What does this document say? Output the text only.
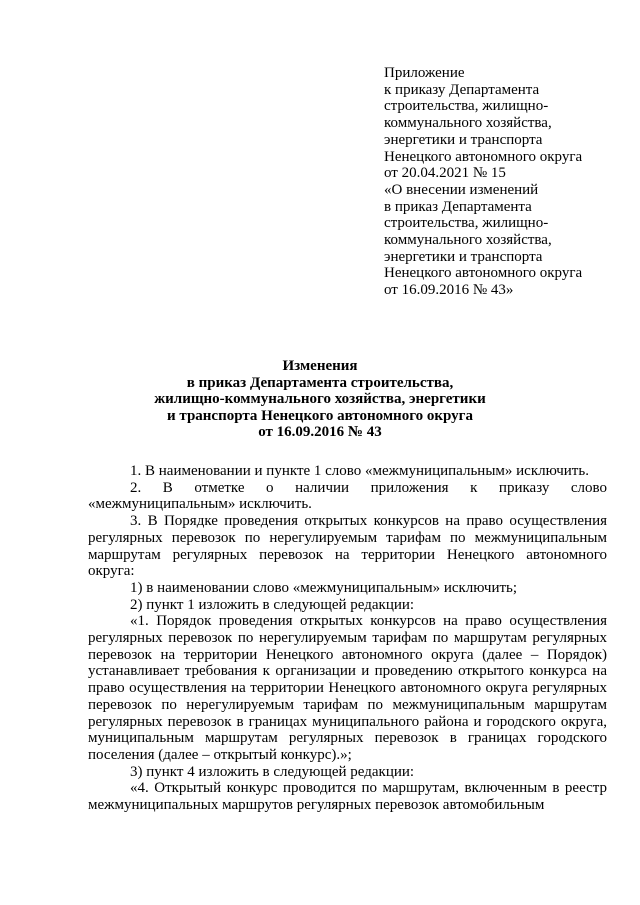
Приложение
к приказу Департамента
строительства, жилищно-
коммунального хозяйства,
энергетики и транспорта
Ненецкого автономного округа
от 20.04.2021 № 15
«О внесении изменений
в приказ Департамента
строительства, жилищно-
коммунального хозяйства,
энергетики и транспорта
Ненецкого автономного округа
от 16.09.2016 № 43»
Изменения
в приказ Департамента строительства,
жилищно-коммунального хозяйства, энергетики
и транспорта Ненецкого автономного округа
от 16.09.2016 № 43

1. В наименовании и пункте 1 слово «межмуниципальным» исключить.

2. В отметке о наличии приложения к приказу слово «межмуниципальным» исключить.

3. В Порядке проведения открытых конкурсов на право осуществления регулярных перевозок по нерегулируемым тарифам по межмуниципальным маршрутам регулярных перевозок на территории Ненецкого автономного округа:

1) в наименовании слово «межмуниципальным» исключить;

2) пункт 1 изложить в следующей редакции:

«1. Порядок проведения открытых конкурсов на право осуществления регулярных перевозок по нерегулируемым тарифам по маршрутам регулярных перевозок на территории Ненецкого автономного округа (далее – Порядок) устанавливает требования к организации и проведению открытого конкурса на право осуществления на территории Ненецкого автономного округа регулярных перевозок по нерегулируемым тарифам по межмуниципальным маршрутам регулярных перевозок в границах муниципального района и городского округа, муниципальным маршрутам регулярных перевозок в границах городского поселения (далее – открытый конкурс).»;

3) пункт 4 изложить в следующей редакции:

«4. Открытый конкурс проводится по маршрутам, включенным в реестр межмуниципальных маршрутов регулярных перевозок автомобильным
